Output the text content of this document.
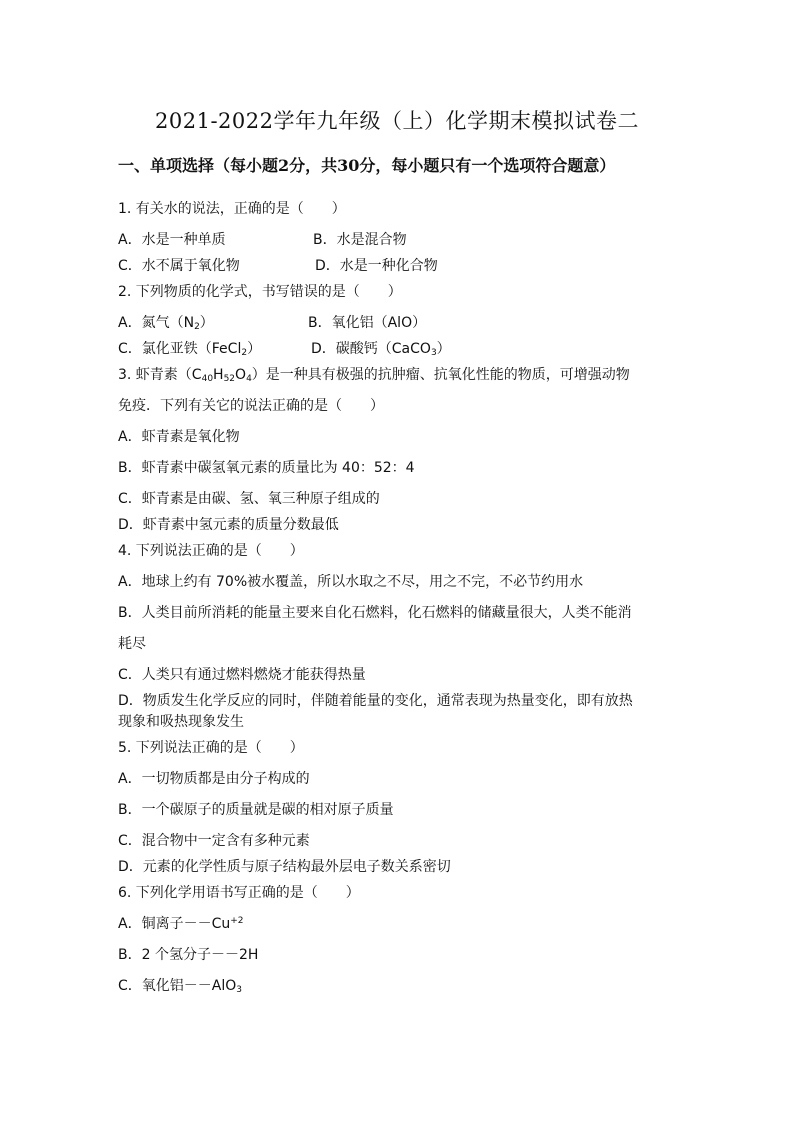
2021-2022学年九年级（上）化学期末模拟试卷二
一、单项选择（每小题2分，共30分，每小题只有一个选项符合题意）
1. 有关水的说法，正确的是（　　）
A．水是一种单质	B．水是混合物
C．水不属于氧化物	D．水是一种化合物
2. 下列物质的化学式，书写错误的是（　　）
A．氮气$(N_2)$	B．氧化铝（AlO）
C．氯化亚铁（FeCl$_2$）	D．碳酸钙（CaCO$_3$）
3. 虾青素$(C_{40}H_{52}O_4)$是一种具有极强的抗肿瘤、抗氧化性能的物质，可增强动物
免疫．下列有关它的说法正确的是（　　）
A．虾青素是氧化物
B．虾青素中碳氢氧元素的质量比为 40：52：4
C．虾青素是由碳、氢、氧三种原子组成的
D．虾青素中氢元素的质量分数最低
4. 下列说法正确的是（　　）
A．地球上约有 70%被水覆盖，所以水取之不尽，用之不完，不必节约用水
B．人类目前所消耗的能量主要来自化石燃料，化石燃料的储藏量很大，人类不能消
耗尽
C．人类只有通过燃料燃烧才能获得热量
D．物质发生化学反应的同时，伴随着能量的变化，通常表现为热量变化，即有放热
现象和吸热现象发生
5. 下列说法正确的是（　　）
A．一切物质都是由分子构成的
B．一个碳原子的质量就是碳的相对原子质量
C．混合物中一定含有多种元素
D．元素的化学性质与原子结构最外层电子数关系密切
6. 下列化学用语书写正确的是（　　）
A．铜离子$--Cu^{+2}$
B．2 个氢分子－－2H
C．氧化铝－－AlO$_3$
